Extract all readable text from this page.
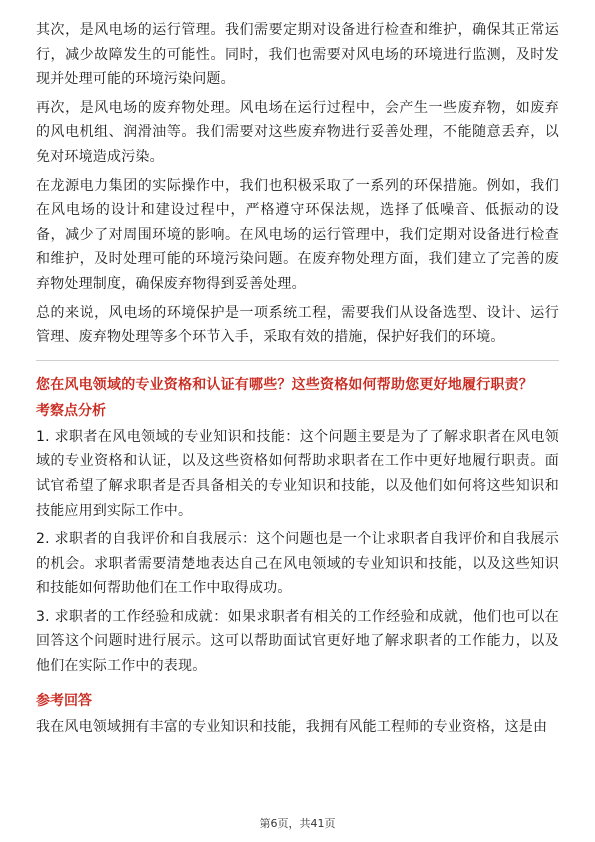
其次，是风电场的运行管理。我们需要定期对设备进行检查和维护，确保其正常运行，减少故障发生的可能性。同时，我们也需要对风电场的环境进行监测，及时发现并处理可能的环境污染问题。

再次，是风电场的废弃物处理。风电场在运行过程中，会产生一些废弃物，如废弃的风电机组、润滑油等。我们需要对这些废弃物进行妥善处理，不能随意丢弃，以免对环境造成污染。

在龙源电力集团的实际操作中，我们也积极采取了一系列的环保措施。例如，我们在风电场的设计和建设过程中，严格遵守环保法规，选择了低噪音、低振动的设备，减少了对周围环境的影响。在风电场的运行管理中，我们定期对设备进行检查和维护，及时处理可能的环境污染问题。在废弃物处理方面，我们建立了完善的废弃物处理制度，确保废弃物得到妥善处理。

总的来说，风电场的环境保护是一项系统工程，需要我们从设备选型、设计、运行管理、废弃物处理等多个环节入手，采取有效的措施，保护好我们的环境。

您在风电领域的专业资格和认证有哪些？这些资格如何帮助您更好地履行职责？
考察点分析

1. 求职者在风电领域的专业知识和技能：这个问题主要是为了了解求职者在风电领域的专业资格和认证，以及这些资格如何帮助求职者在工作中更好地履行职责。面试官希望了解求职者是否具备相关的专业知识和技能，以及他们如何将这些知识和技能应用到实际工作中。

2. 求职者的自我评价和自我展示：这个问题也是一个让求职者自我评价和自我展示的机会。求职者需要清楚地表达自己在风电领域的专业知识和技能，以及这些知识和技能如何帮助他们在工作中取得成功。

3. 求职者的工作经验和成就：如果求职者有相关的工作经验和成就，他们也可以在回答这个问题时进行展示。这可以帮助面试官更好地了解求职者的工作能力，以及他们在实际工作中的表现。

参考回答

我在风电领域拥有丰富的专业知识和技能，我拥有风能工程师的专业资格，这是由

第6页，共41页
